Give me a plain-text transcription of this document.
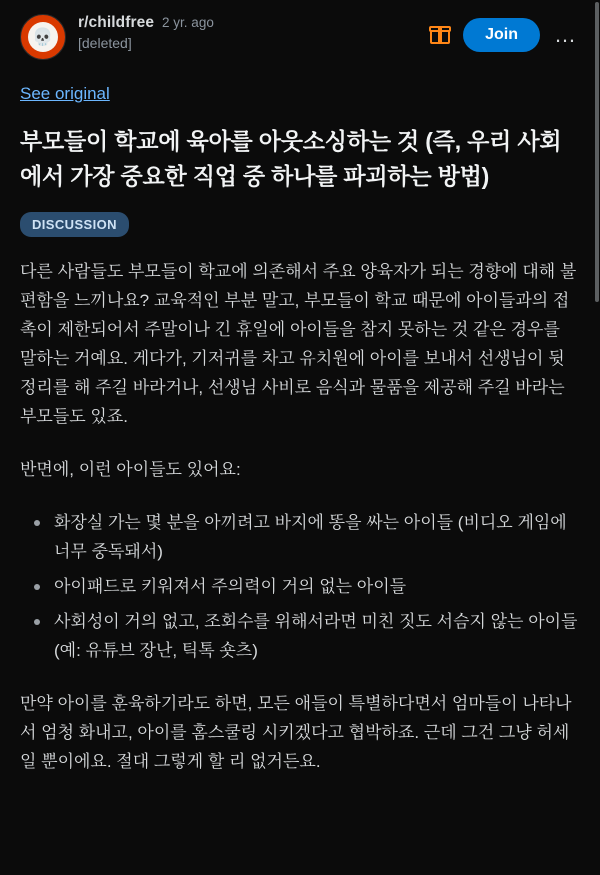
💀
r/childfree 2 yr. ago
[deleted]	Join	…
See original
부모들이 학교에 육아를 아웃소싱하는 것 (즉, 우리 사회에서 가장 중요한 직업 중 하나를 파괴하는 방법)
DISCUSSION

다른 사람들도 부모들이 학교에 의존해서 주요 양육자가 되는 경향에 대해 불편함을 느끼나요? 교육적인 부분 말고, 부모들이 학교 때문에 아이들과의 접촉이 제한되어서 주말이나 긴 휴일에 아이들을 참지 못하는 것 같은 경우를 말하는 거예요. 게다가, 기저귀를 차고 유치원에 아이를 보내서 선생님이 뒷정리를 해 주길 바라거나, 선생님 사비로 음식과 물품을 제공해 주길 바라는 부모들도 있죠.

반면에, 이런 아이들도 있어요:

화장실 가는 몇 분을 아끼려고 바지에 똥을 싸는 아이들 (비디오 게임에 너무 중독돼서)
아이패드로 키워져서 주의력이 거의 없는 아이들
사회성이 거의 없고, 조회수를 위해서라면 미친 짓도 서슴지 않는 아이들 (예: 유튜브 장난, 틱톡 숏츠)

만약 아이를 훈육하기라도 하면, 모든 애들이 특별하다면서 엄마들이 나타나서 엄청 화내고, 아이를 홈스쿨링 시키겠다고 협박하죠. 근데 그건 그냥 허세일 뿐이에요. 절대 그렇게 할 리 없거든요.
